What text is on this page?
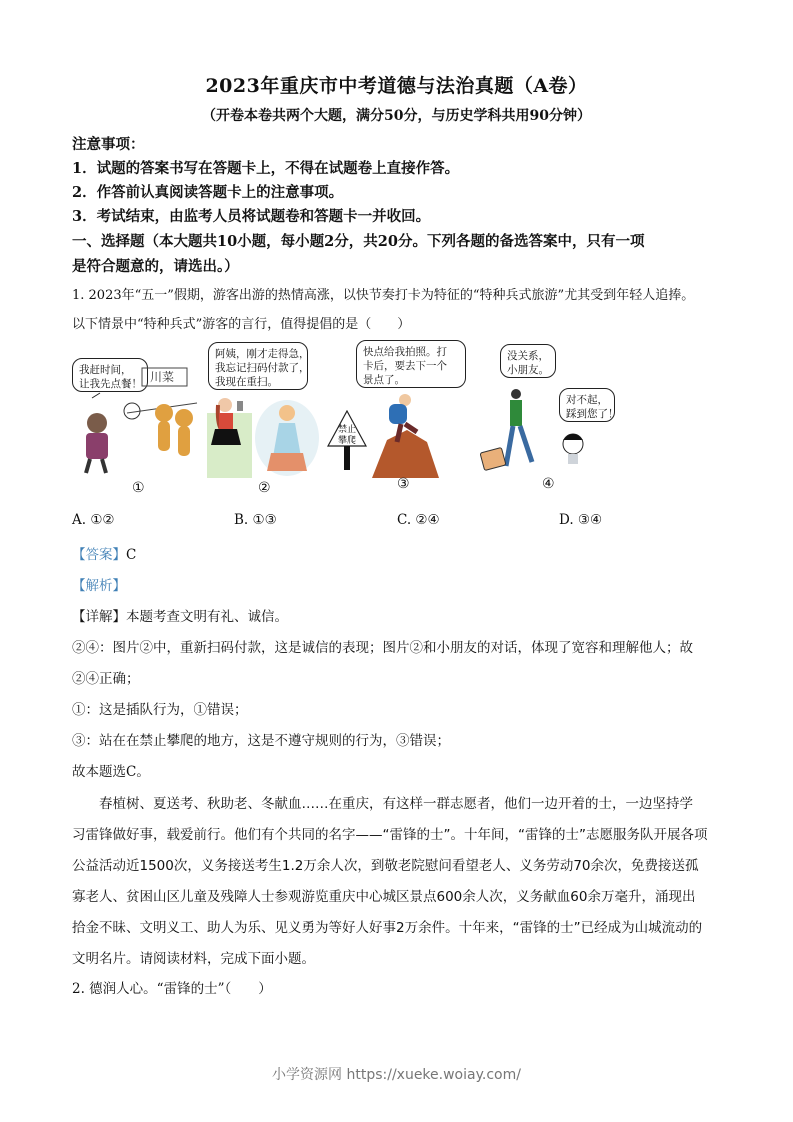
2023年重庆市中考道德与法治真题（A卷）
（开卷本卷共两个大题，满分50分，与历史学科共用90分钟）
注意事项：
1．试题的答案书写在答题卡上，不得在试题卷上直接作答。
2．作答前认真阅读答题卡上的注意事项。
3．考试结束，由监考人员将试题卷和答题卡一并收回。
一、选择题（本大题共10小题，每小题2分，共20分。下列各题的备选答案中，只有一项
是符合题意的，请选出。）
1. 2023年“五一”假期，游客出游的热情高涨，以快节奏打卡为特征的“特种兵式旅游”尤其受到年轻人追捧。
以下情景中“特种兵式”游客的言行，值得提倡的是（　　）
我赶时间，
让我先点餐！ 川菜
①
阿姨，刚才走得急，
我忘记扫码付款了，
我现在重扫。
②
快点给我拍照。打
卡后，要去下一个
景点了。
禁止
攀爬
③
没关系，
小朋友。
对不起，
踩到您了！
④
A. ①②	B. ①③	C. ②④	D. ③④
【答案】C
【解析】
【详解】本题考查文明有礼、诚信。
②④：图片②中，重新扫码付款，这是诚信的表现；图片②和小朋友的对话，体现了宽容和理解他人；故
②④正确；
①：这是插队行为，①错误；
③：站在在禁止攀爬的地方，这是不遵守规则的行为，③错误；
故本题选C。
　　春植树、夏送考、秋助老、冬献血……在重庆，有这样一群志愿者，他们一边开着的士，一边坚持学
习雷锋做好事，载爱前行。他们有个共同的名字——“雷锋的士”。十年间，“雷锋的士”志愿服务队开展各项
公益活动近1500次，义务接送考生1.2万余人次，到敬老院慰问看望老人、义务劳动70余次，免费接送孤
寡老人、贫困山区儿童及残障人士参观游览重庆中心城区景点600余人次，义务献血60余万毫升，涌现出
拾金不昧、文明义工、助人为乐、见义勇为等好人好事2万余件。十年来，“雷锋的士”已经成为山城流动的
文明名片。请阅读材料，完成下面小题。
2. 德润人心。“雷锋的士”（　　）
小学资源网 https://xueke.woiay.com/
